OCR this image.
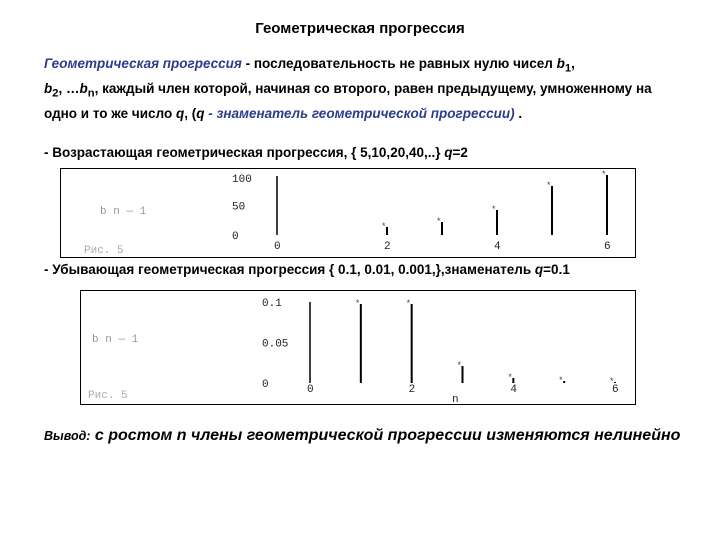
Геометрическая прогрессия
Геометрическая прогрессия - последовательность не равных нулю чисел $b_1$,
$b_2$, $\dots b_n$, каждый член которой, начиная со второго, равен предыдущему, умноженному на одно и то же число q, (q - знаменатель геометрической прогрессии) .
- Возрастающая геометрическая прогрессия, { 5,10,20,40,..} q=2
100
50
0
0	2	4	6
*	*
*
*
*
b n — 1
Рис. 5
- Убывающая геометрическая прогрессия { 0.1, 0.01, 0.001,},знаменатель q=0.1
0.1
0.05
0	0	2	4	6
n
*	*
*
*	*	*
b n — 1
Рис. 5
Вывод: с ростом n члены геометрической прогрессии изменяются нелинейно
